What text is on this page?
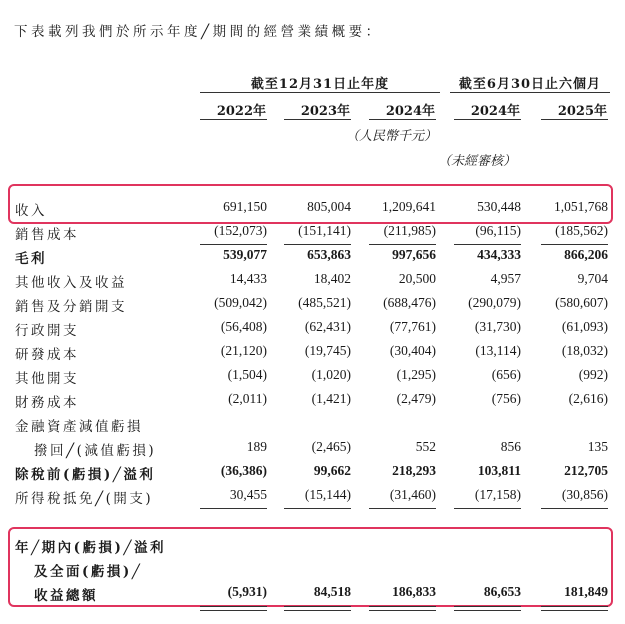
下表載列我們於所示年度╱期間的經營業績概要：
截至12月31日止年度	截至6月30日止六個月
2022年	2023年	2024年	2024年	2025年
（人民幣千元）
（未經審核）
收入	691,150	805,004	1,209,641	530,448	1,051,768
銷售成本	(152,073)	(151,141)	(211,985)	(96,115)	(185,562)
毛利	539,077	653,863	997,656	434,333	866,206
其他收入及收益	14,433	18,402	20,500	4,957	9,704
銷售及分銷開支	(509,042)	(485,521)	(688,476)	(290,079)	(580,607)
行政開支	(56,408)	(62,431)	(77,761)	(31,730)	(61,093)
研發成本	(21,120)	(19,745)	(30,404)	(13,114)	(18,032)
其他開支	(1,504)	(1,020)	(1,295)	(656)	(992)
財務成本	(2,011)	(1,421)	(2,479)	(756)	(2,616)
金融資產減值虧損
撥回╱(減值虧損)	189	(2,465)	552	856	135
除稅前(虧損)╱溢利	(36,386)	99,662	218,293	103,811	212,705
所得稅抵免╱(開支)	30,455	(15,144)	(31,460)	(17,158)	(30,856)
年╱期內(虧損)╱溢利
及全面(虧損)╱
收益總額	(5,931)	84,518	186,833	86,653	181,849
